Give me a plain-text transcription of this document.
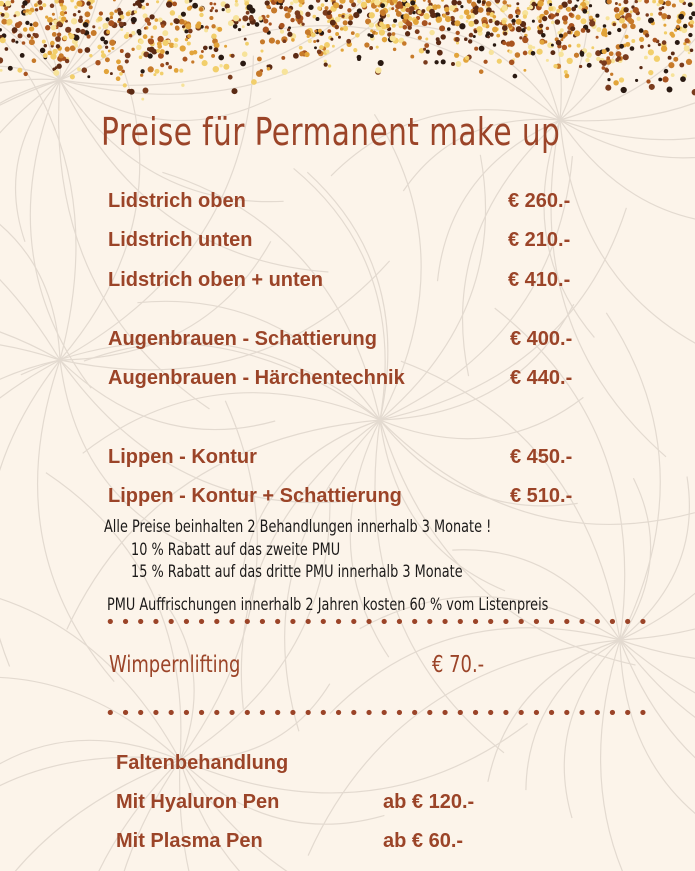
Preise für Permanent make up
Lidstrich oben	€ 260.-
Lidstrich unten	€ 210.-
Lidstrich oben + unten	€ 410.-
Augenbrauen - Schattierung	€ 400.-
Augenbrauen - Härchentechnik	€ 440.-
Lippen - Kontur	€ 450.-
Lippen - Kontur + Schattierung	€ 510.-
Alle Preise beinhalten 2 Behandlungen innerhalb 3 Monate !
10 % Rabatt auf das zweite PMU
15 % Rabatt auf das dritte PMU innerhalb 3 Monate
PMU Auffrischungen innerhalb 2 Jahren kosten 60 % vom Listenpreis
••••••••••••••••••••••••••••••••••••
Wimpernlifting	€ 70.-
••••••••••••••••••••••••••••••••••••
Faltenbehandlung
Mit Hyaluron Pen	ab € 120.-
Mit Plasma Pen	ab € 60.-
